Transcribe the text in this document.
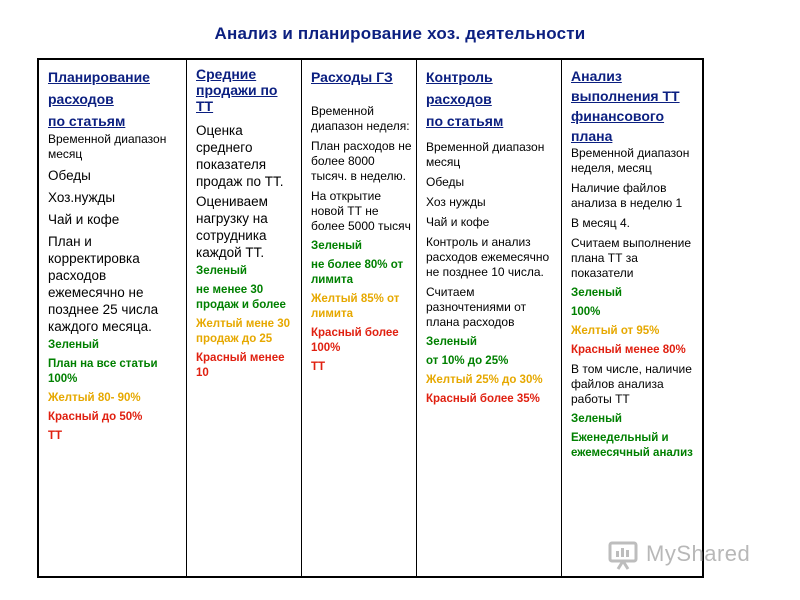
Анализ и планирование хоз. деятельности
Планирование
расходов
по статьям
Временной диапазон месяц
Обеды
Хоз.нужды
Чай и кофе
План и корректировка расходов ежемесячно не позднее 25 числа каждого месяца.
Зеленый
План на все статьи 100%
Желтый 80- 90%
Красный до 50%
ТТ
Средние продажи по ТТ
Оценка среднего показателя продаж по ТТ.
Оцениваем нагрузку на сотрудника каждой ТТ.
Зеленый
не менее 30 продаж и более
Желтый мене 30 продаж до 25
Красный менее 10
Расходы ГЗ
Временной диапазон неделя:
План расходов не более 8000 тысяч. в неделю.
На открытие новой ТТ не более 5000 тысяч
Зеленый
не более 80% от лимита
Желтый 85% от лимита
Красный более 100%
ТТ
Контроль
расходов
по статьям
Временной диапазон месяц
Обеды
Хоз нужды
Чай и кофе
Контроль и анализ расходов ежемесячно не позднее 10 числа.
Считаем разночтениями от плана расходов
Зеленый
от 10% до 25%
Желтый 25% до 30%
Красный более 35%
Анализ выполнения ТТ финансового плана
Временной диапазон неделя, месяц
Наличие файлов анализа в неделю 1
В месяц 4.
Считаем выполнение плана ТТ за показатели
Зеленый
100%
Желтый от 95%
Красный менее 80%
В том числе, наличие файлов анализа работы ТТ
Зеленый
Еженедельный и ежемесячный анализ
MyShared
